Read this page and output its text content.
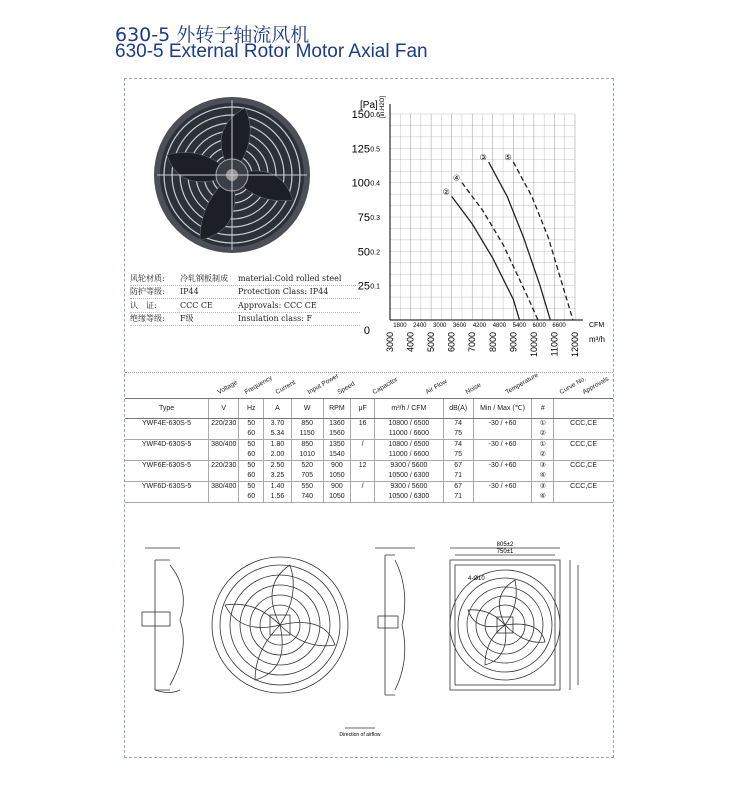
630-5 外转子轴流风机
630-5 External Rotor Motor Axial Fan
风轮材质:	冷轧钢板制成	material:Cold rolled steel
防护等级:	IP44	Protection Class: IP44
认　证:	CCC CE	Approvals: CCC CE
绝缘等级:	F级	Insulation class: F
[Pa] [in.H2O]
25
50
75
100
125
150
0.1
0.2
0.3
0.4
0.5
0.6
0	1800 2400 3000 3600 4200 4800 5400 6000 6600	CFM
3000 4000 5000 6000 7000 8000 9000 10000 11000 12000 m³/h
②
④
③ ⑤
Voltage Frequency Current Input Power
Speed Capacitor	Air Flow Noise	Temperature	Curve No.
Approvals
Type	V	Hz	A	W	RPM	μF	m³/h / CFM	dB(A)	Min / Max (℃)	#	
YWF4E-630S-5	220/230	50	3.70	850	1360	16	10800 / 6500	74	-30 / +60	①	CCC,CE
		60	5.34	1150	1560		11000 / 6600	75		②	
YWF4D-630S-5	380/400	50	1.80	850	1350	/	10800 / 6500	74	-30 / +60	①	CCC,CE
		60	2.00	1010	1540		11000 / 6600	75		②	
YWF6E-630S-5	220/230	50	2.50	520	900	12	9300 / 5600	67	-30 / +60	③	CCC,CE
		60	3.25	705	1050		10500 / 6300	71		④	
YWF6D-630S-5	380/400	50	1.40	550	900	/	9300 / 5600	67	-30 / +60	③	CCC,CE
		60	1.56	740	1050		10500 / 6300	71		④	
805±2
750±1
4-Ø10
Direction of airflow
